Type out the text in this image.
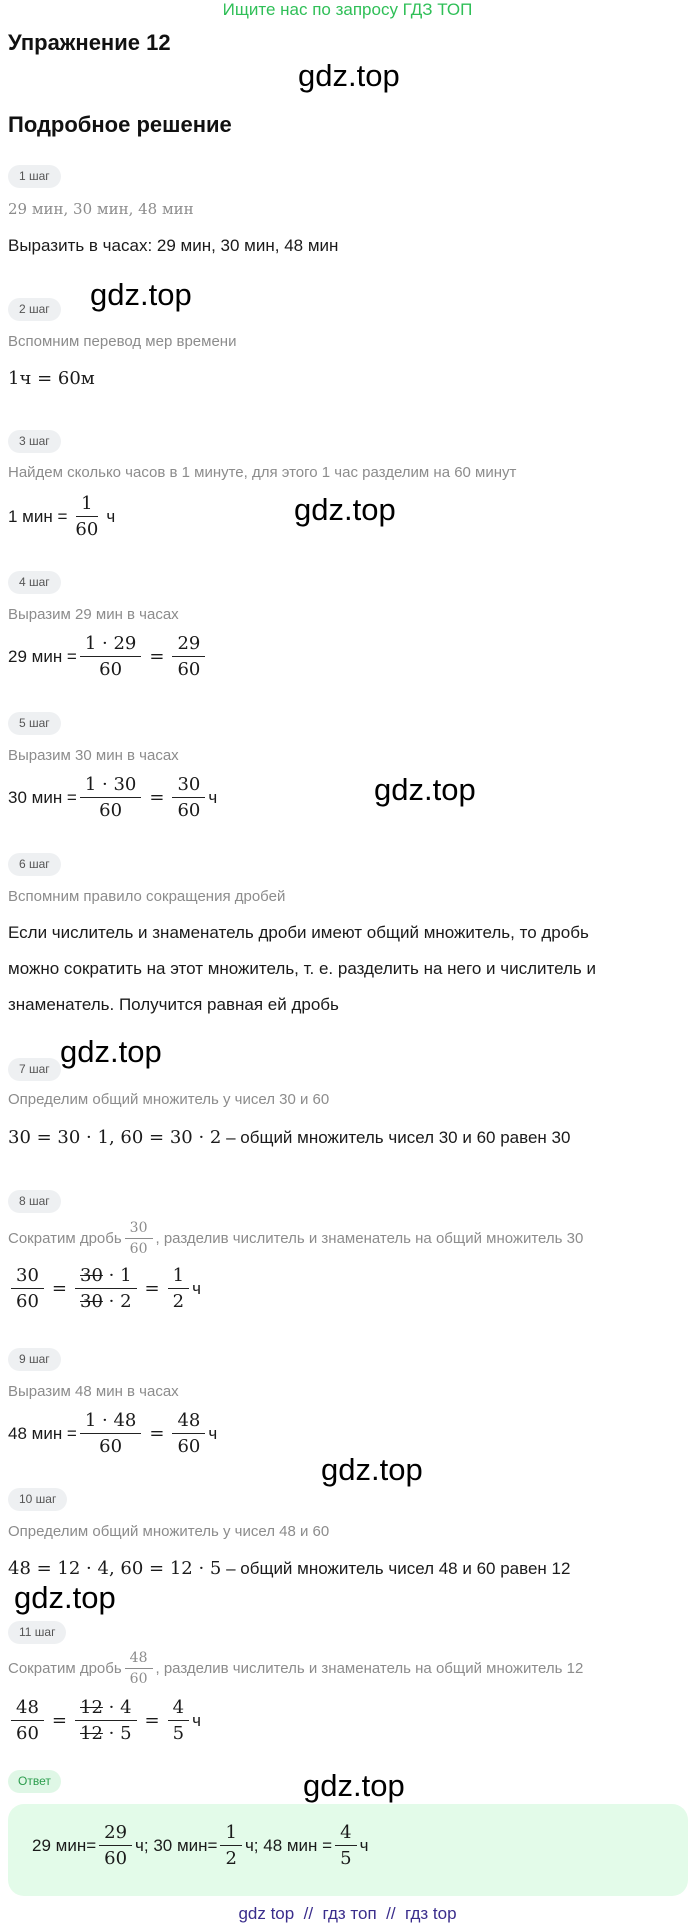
Ищите нас по запросу ГДЗ ТОП
Упражнение 12
gdz.top
Подробное решение
1 шаг
29 мин, 30 мин, 48 мин
Выразить в часах: 29 мин, 30 мин, 48 мин
2 шаг	gdz.top
Вспомним перевод мер времени
1ч = 60м
3 шаг
Найдем сколько часов в 1 минуте, для этого 1 час разделим на 60 минут
1 мин = $\frac{1}{60}$ ч	gdz.top
4 шаг
Выразим 29 мин в часах
29 мин = $\frac{1 \cdot 29}{60} = \frac{29}{60}$
5 шаг
Выразим 30 мин в часах
30 мин = $\frac{1 \cdot 30}{60} = \frac{30}{60}$ ч	gdz.top
6 шаг
Вспомним правило сокращения дробей
Если числитель и знаменатель дроби имеют общий множитель, то дробь
можно сократить на этот множитель, т. е. разделить на него и числитель и
знаменатель. Получится равная ей дробь
gdz.top
7 шаг
Определим общий множитель у чисел 30 и 60
30 = 30 · 1, 60 = 30 · 2 – общий множитель чисел 30 и 60 равен 30
8 шаг
Сократим дробь $\frac{30}{60}$ , разделив числитель и знаменатель на общий множитель 30
$\frac{30}{60} = \frac{30 \cdot 1}{30 \cdot 2} = \frac{1}{2}$ ч
9 шаг
Выразим 48 мин в часах
48 мин = $\frac{1 \cdot 48}{60} = \frac{48}{60}$ ч
gdz.top
10 шаг
Определим общий множитель у чисел 48 и 60
48 = 12 · 4, 60 = 12 · 5 – общий множитель чисел 48 и 60 равен 12
gdz.top
11 шаг
Сократим дробь $\frac{48}{60}$ , разделив числитель и знаменатель на общий множитель 12
$\frac{48}{60} = \frac{12 \cdot 4}{12 \cdot 5} = \frac{4}{5}$ ч
Ответ	gdz.top
29 $мин= \frac{29}{60} ч$; 30 $мин= \frac{1}{2} ч$; 48 мин = $\frac{4}{5}$ ч
gdz top  //  гдз топ  //  гдз top
